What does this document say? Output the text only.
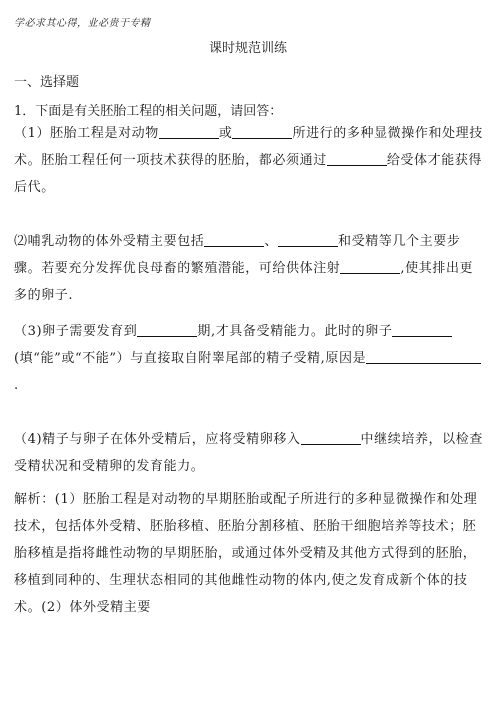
学必求其心得，业必贵于专精
课时规范训练
一、选择题
1．下面是有关胚胎工程的相关问题，请回答：
（1）胚胎工程是对动物	或	所进行的多种显微操作和处理技术。胚胎工程任何一项技术获得的胚胎，都必须通过	给受体才能获得后代。
⑵哺乳动物的体外受精主要包括	、	和受精等几个主要步骤。若要充分发挥优良母畜的繁殖潜能，可给供体注射	,使其排出更多的卵子.
（3)卵子需要发育到	期,才具备受精能力。此时的卵子(填“能”或“不能”）与直接取自附睾尾部的精子受精,原因是.
（4)精子与卵子在体外受精后，应将受精卵移入	中继续培养，以检查受精状况和受精卵的发育能力。
解析：(1）胚胎工程是对动物的早期胚胎或配子所进行的多种显微操作和处理技术，包括体外受精、胚胎移植、胚胎分割移植、胚胎干细胞培养等技术；胚胎移植是指将雌性动物的早期胚胎，或通过体外受精及其他方式得到的胚胎，移植到同种的、生理状态相同的其他雌性动物的体内,使之发育成新个体的技术。(2）体外受精主要
